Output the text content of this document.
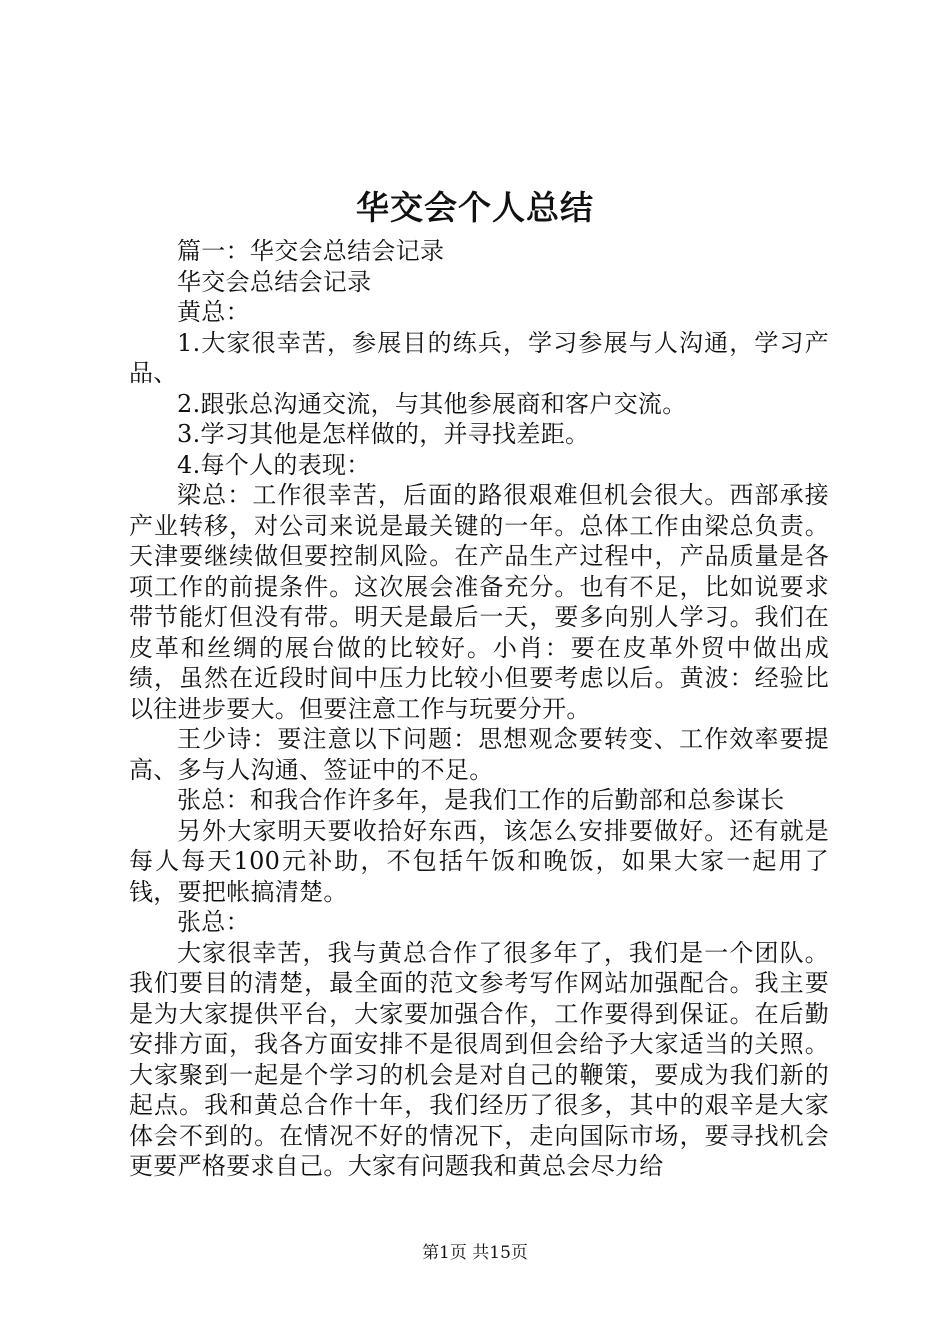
华交会个人总结

篇一：华交会总结会记录

华交会总结会记录

黄总：

1.大家很幸苦，参展目的练兵，学习参展与人沟通，学习产品、

2.跟张总沟通交流，与其他参展商和客户交流。

3.学习其他是怎样做的，并寻找差距。

4.每个人的表现：

梁总：工作很幸苦，后面的路很艰难但机会很大。西部承接产业转移，对公司来说是最关键的一年。总体工作由梁总负责。天津要继续做但要控制风险。在产品生产过程中，产品质量是各项工作的前提条件。这次展会准备充分。也有不足，比如说要求带节能灯但没有带。明天是最后一天，要多向别人学习。我们在皮革和丝绸的展台做的比较好。小肖：要在皮革外贸中做出成绩，虽然在近段时间中压力比较小但要考虑以后。黄波：经验比以往进步要大。但要注意工作与玩要分开。

王少诗：要注意以下问题：思想观念要转变、工作效率要提高、多与人沟通、签证中的不足。

张总：和我合作许多年，是我们工作的后勤部和总参谋长

另外大家明天要收拾好东西，该怎么安排要做好。还有就是每人每天100元补助，不包括午饭和晚饭，如果大家一起用了钱，要把帐搞清楚。

张总：

大家很幸苦，我与黄总合作了很多年了，我们是一个团队。我们要目的清楚，最全面的范文参考写作网站加强配合。我主要是为大家提供平台，大家要加强合作，工作要得到保证。在后勤安排方面，我各方面安排不是很周到但会给予大家适当的关照。大家聚到一起是个学习的机会是对自己的鞭策，要成为我们新的起点。我和黄总合作十年，我们经历了很多，其中的艰辛是大家体会不到的。在情况不好的情况下，走向国际市场，要寻找机会更要严格要求自己。大家有问题我和黄总会尽力给

第1页 共15页
